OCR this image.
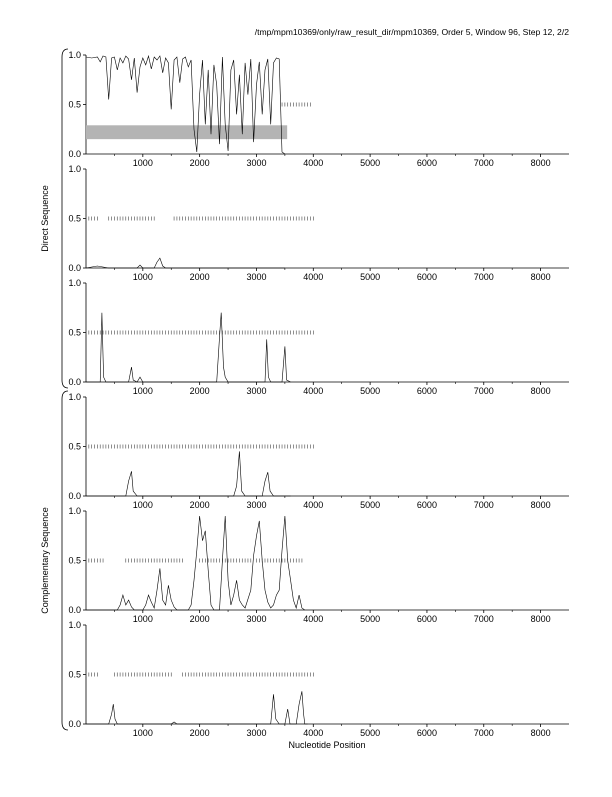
/tmp/mpm10369/only/raw_result_dir/mpm10369, Order 5, Window 96, Step 12, 2/2
0.0
0.5
1.0
1000	2000	3000	4000	5000	6000	7000	8000
0.0
0.5
1.0
1000	2000	3000	4000	5000	6000	7000	8000
0.0
0.5
1.0
1000	2000	3000	4000	5000	6000	7000	8000
0.0
0.5
1.0
1000	2000	3000	4000	5000	6000	7000	8000
0.0
0.5
1.0
1000	2000	3000	4000	5000	6000	7000	8000
0.0
0.5
1.0
1000	2000	3000	4000	5000	6000	7000	8000
Direct Sequence
Complementary Sequence
Nucleotide Position
